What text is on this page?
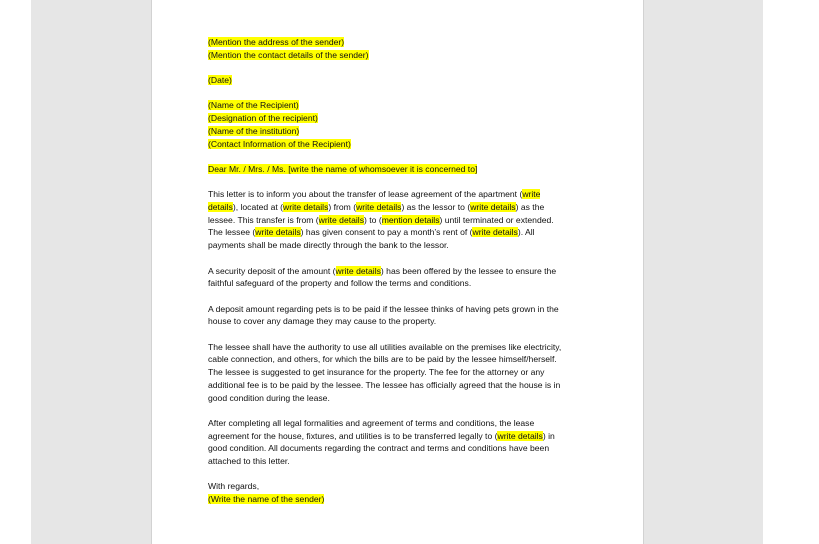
(Mention the address of the sender)
(Mention the contact details of the sender)

(Date)

(Name of the Recipient)
(Designation of the recipient)
(Name of the institution)
(Contact Information of the Recipient)

Dear Mr. / Mrs. / Ms. [write the name of whomsoever it is concerned to]

This letter is to inform you about the transfer of lease agreement of the apartment (write
details), located at (write details) from (write details) as the lessor to (write details) as the
lessee. This transfer is from (write details) to (mention details) until terminated or extended.
The lessee (write details) has given consent to pay a month’s rent of (write details). All
payments shall be made directly through the bank to the lessor.

A security deposit of the amount (write details) has been offered by the lessee to ensure the
faithful safeguard of the property and follow the terms and conditions.

A deposit amount regarding pets is to be paid if the lessee thinks of having pets grown in the
house to cover any damage they may cause to the property.

The lessee shall have the authority to use all utilities available on the premises like electricity,
cable connection, and others, for which the bills are to be paid by the lessee himself/herself.
The lessee is suggested to get insurance for the property. The fee for the attorney or any
additional fee is to be paid by the lessee. The lessee has officially agreed that the house is in
good condition during the lease.

After completing all legal formalities and agreement of terms and conditions, the lease
agreement for the house, fixtures, and utilities is to be transferred legally to (write details) in
good condition. All documents regarding the contract and terms and conditions have been
attached to this letter.

With regards,
(Write the name of the sender)
